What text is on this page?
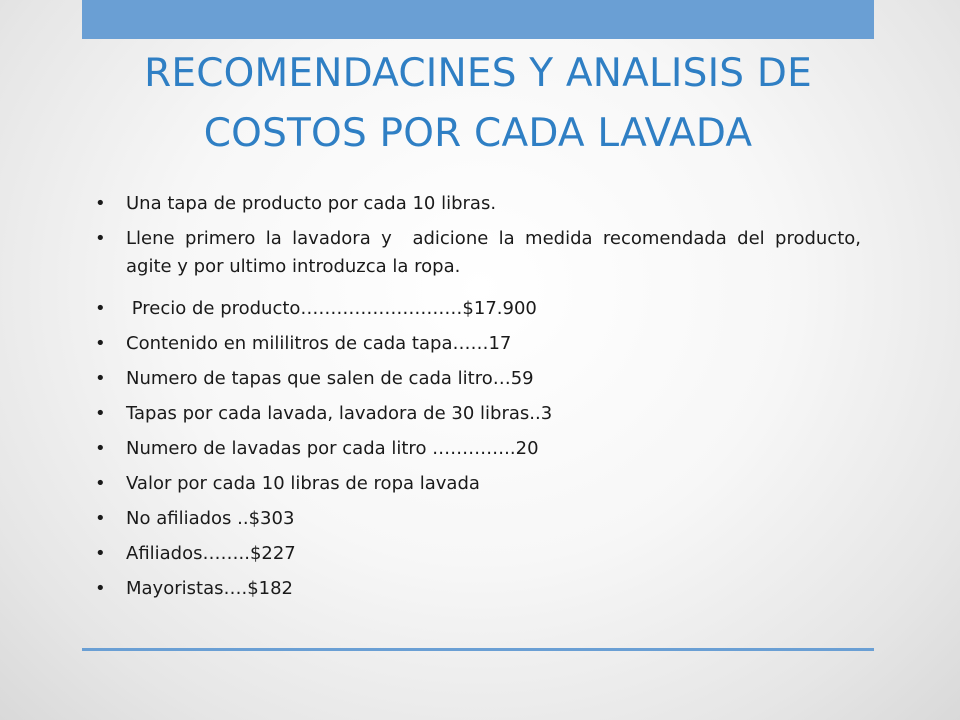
RECOMENDACINES Y ANALISIS DE
COSTOS POR CADA LAVADA
• Una tapa de producto por cada 10 libras.
• Llene primero la lavadora y  adicione la medida recomendada del producto, agite y por ultimo introduzca la ropa.
• Precio de producto………………………$17.900
• Contenido en mililitros de cada tapa……17
• Numero de tapas que salen de cada litro…59
• Tapas por cada lavada, lavadora de 30 libras..3
• Numero de lavadas por cada litro …………..20
• Valor por cada 10 libras de ropa lavada
• No afiliados ..$303
• Afiliados……..$227
• Mayoristas….$182
